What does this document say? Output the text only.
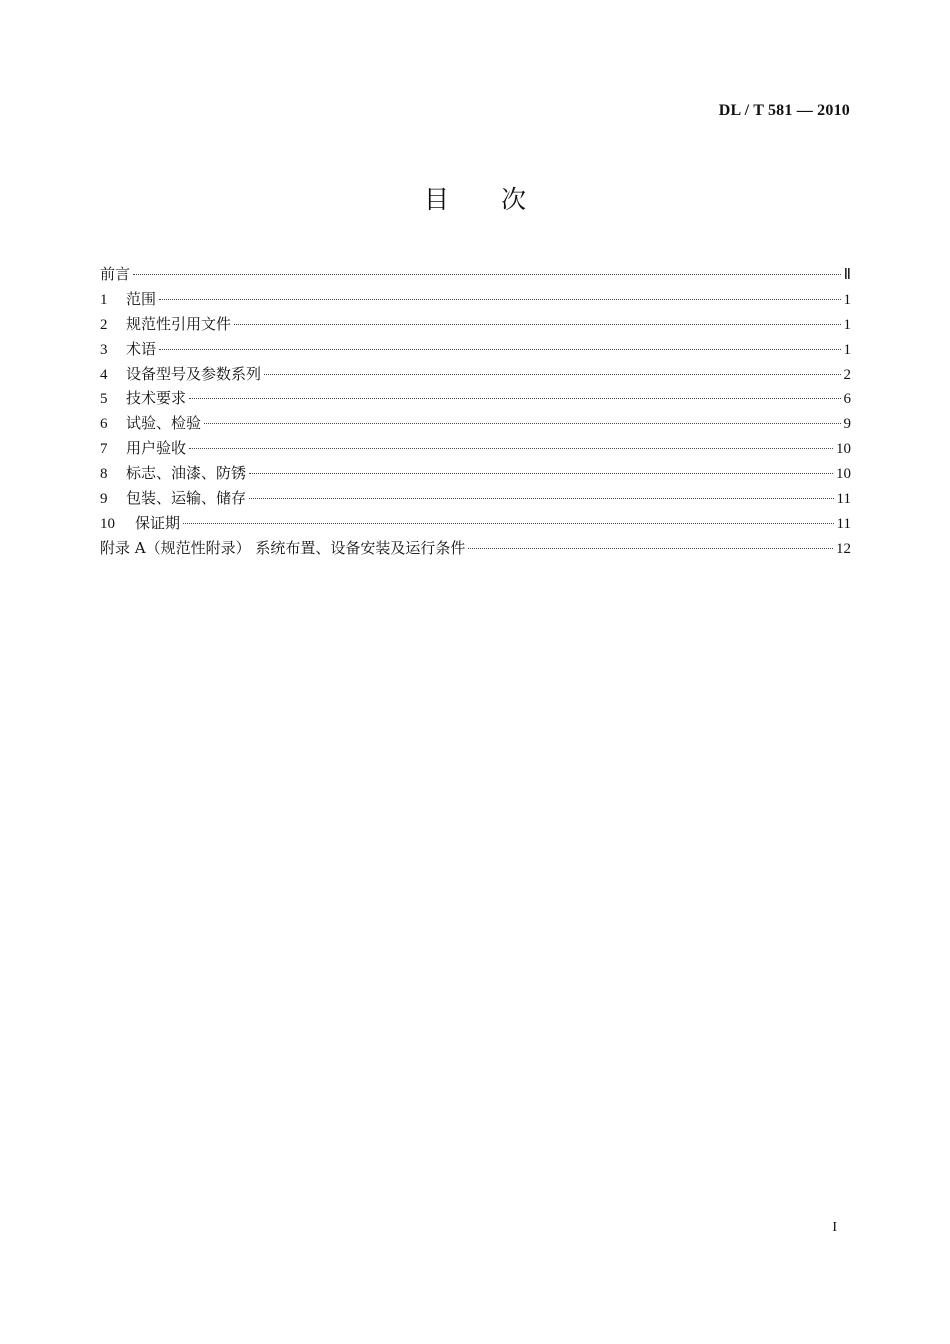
DL / T 581 — 2010
目 次
前言	Ⅱ
1	范围	1
2	规范性引用文件	1
3	术语	1
4	设备型号及参数系列	2
5	技术要求	6
6	试验、检验	9
7	用户验收	10
8	标志、油漆、防锈	10
9	包装、运输、储存	11
10	保证期	11
附录 A（规范性附录） 系统布置、设备安装及运行条件	12
I
